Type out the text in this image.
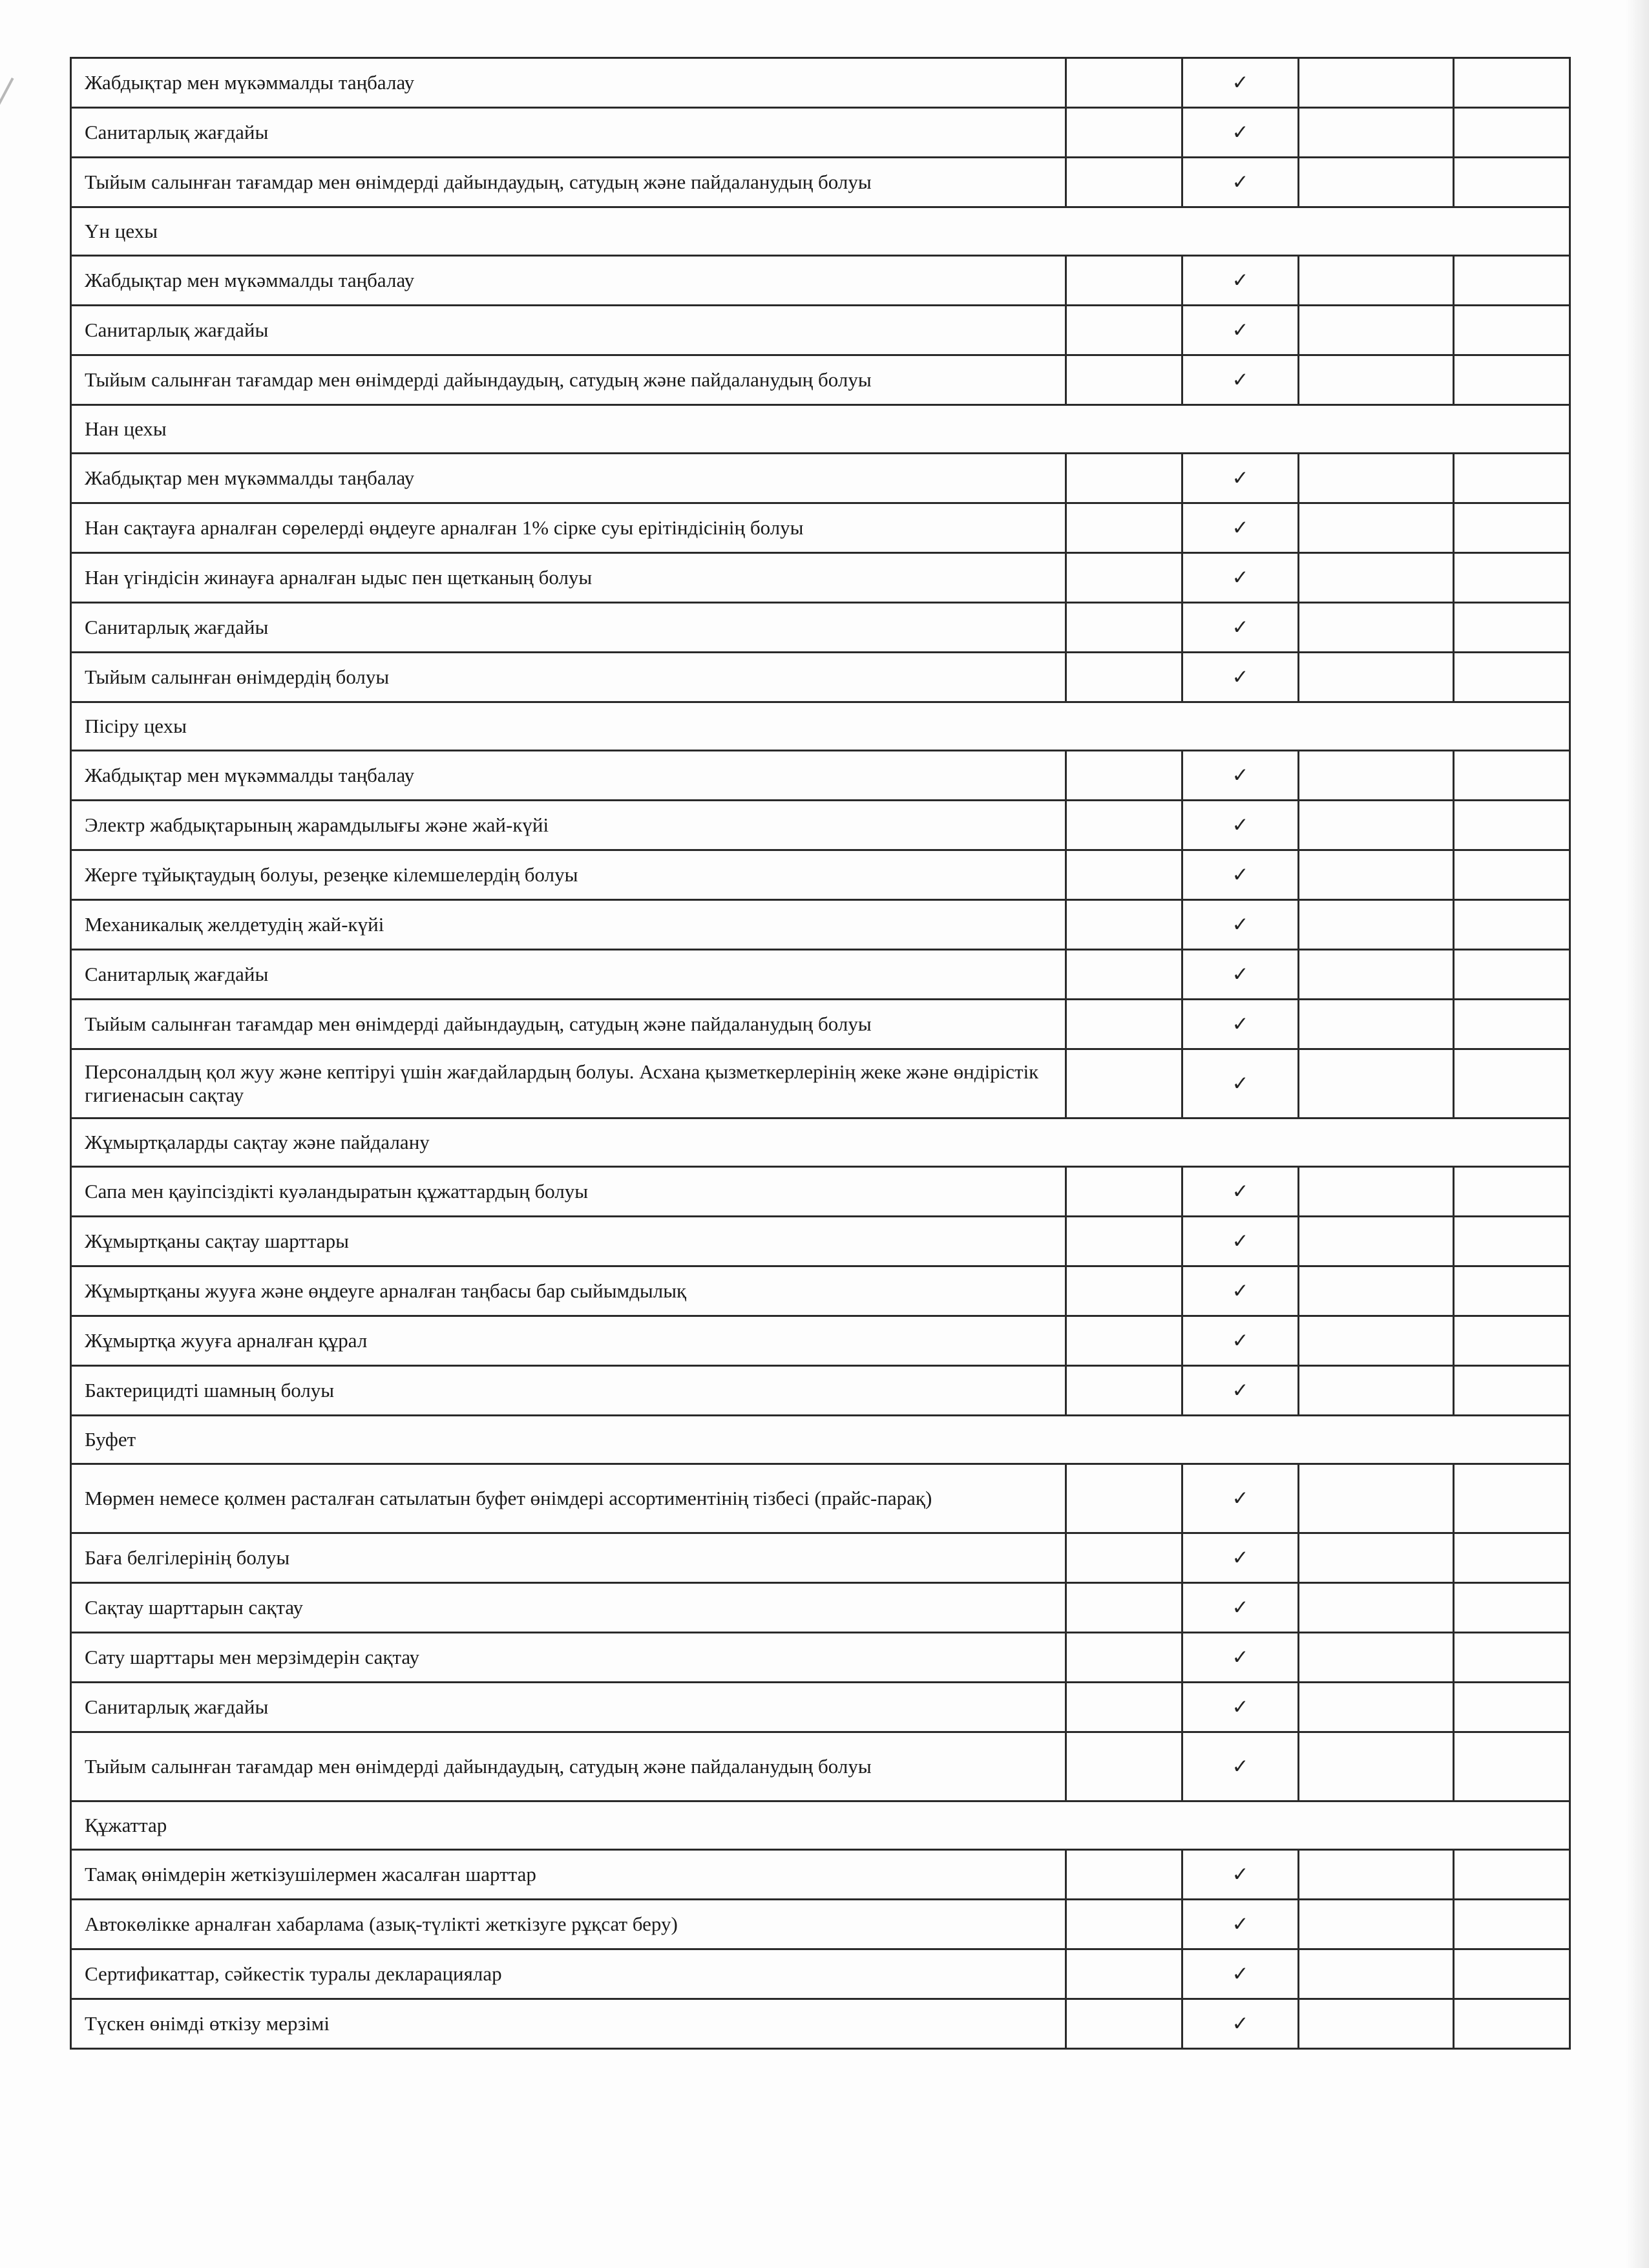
Жабдықтар мен мүкәммалды таңбалау		✓		
Санитарлық жағдайы		✓		
Тыйым салынған тағамдар мен өнімдерді дайындаудың, сатудың және пайдаланудың болуы		✓		
Үн цехы				
Жабдықтар мен мүкәммалды таңбалау		✓		
Санитарлық жағдайы		✓		
Тыйым салынған тағамдар мен өнімдерді дайындаудың, сатудың және пайдаланудың болуы		✓		
Нан цехы				
Жабдықтар мен мүкәммалды таңбалау		✓		
Нан сақтауға арналған сөрелерді өңдеуге арналған 1% сірке суы ерітіндісінің болуы		✓		
Нан үгіндісін жинауға арналған ыдыс пен щетканың болуы		✓		
Санитарлық жағдайы		✓		
Тыйым салынған өнімдердің болуы		✓		
Пісіру цехы				
Жабдықтар мен мүкәммалды таңбалау		✓		
Электр жабдықтарының жарамдылығы және жай-күйі		✓		
Жерге тұйықтаудың болуы, резеңке кілемшелердің болуы		✓		
Механикалық желдетудің жай-күйі		✓		
Санитарлық жағдайы		✓		
Тыйым салынған тағамдар мен өнімдерді дайындаудың, сатудың және пайдаланудың болуы		✓		
Персоналдың қол жуу және кептіруі үшін жағдайлардың болуы. Асхана қызметкерлерінің жеке және өндірістік гигиенасын сақтау		✓		
Жұмыртқаларды сақтау және пайдалану				
Сапа мен қауіпсіздікті куәландыратын құжаттардың болуы		✓		
Жұмыртқаны сақтау шарттары		✓		
Жұмыртқаны жууға және өңдеуге арналған таңбасы бар сыйымдылық		✓		
Жұмыртқа жууға арналған құрал		✓		
Бактерицидті шамның болуы		✓		
Буфет				
Мөрмен немесе қолмен расталған сатылатын буфет өнімдері ассортиментінің тізбесі (прайс-парақ)		✓		
Баға белгілерінің болуы		✓		
Сақтау шарттарын сақтау		✓		
Сату шарттары мен мерзімдерін сақтау		✓		
Санитарлық жағдайы		✓		
Тыйым салынған тағамдар мен өнімдерді дайындаудың, сатудың және пайдаланудың болуы		✓		
Құжаттар				
Тамақ өнімдерін жеткізушілермен жасалған шарттар		✓		
Автокөлікке арналған хабарлама (азық-түлікті жеткізуге рұқсат беру)		✓		
Сертификаттар, сәйкестік туралы декларациялар		✓		
Түскен өнімді өткізу мерзімі		✓		
